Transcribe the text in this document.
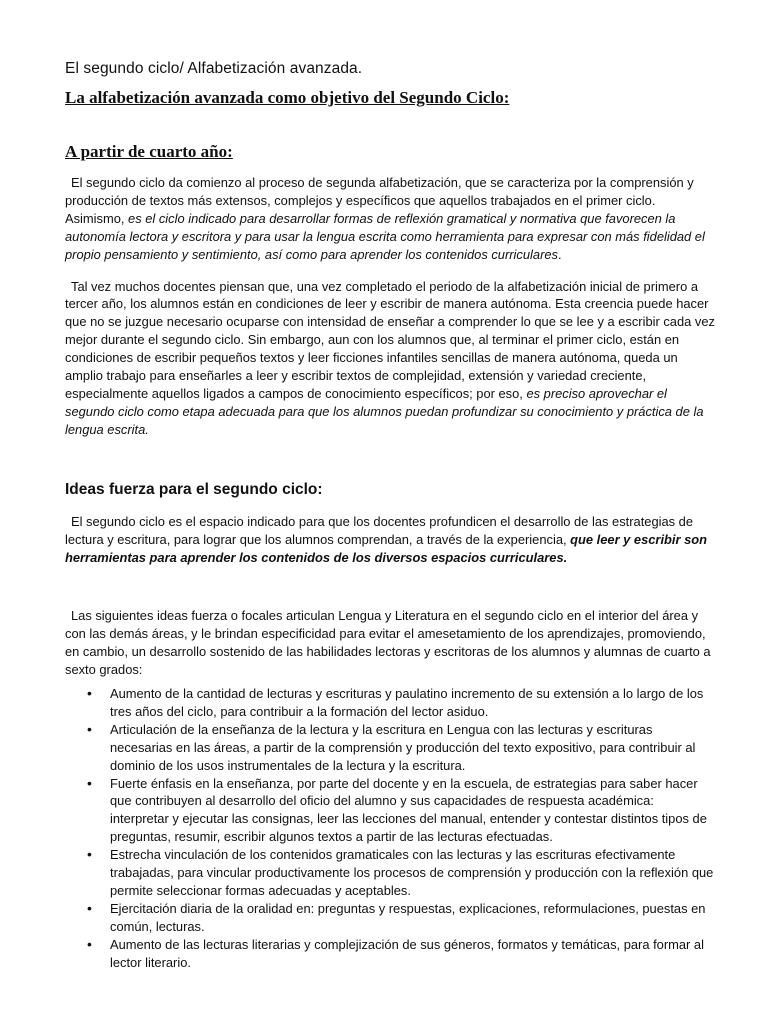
El segundo ciclo/ Alfabetización avanzada.

La alfabetización avanzada como objetivo del Segundo Ciclo:
A partir de cuarto año:

El segundo ciclo da comienzo al proceso de segunda alfabetización, que se caracteriza por la comprensión y producción de textos más extensos, complejos y específicos que aquellos trabajados en el primer ciclo. Asimismo, es el ciclo indicado para desarrollar formas de reflexión gramatical y normativa que favorecen la autonomía lectora y escritora y para usar la lengua escrita como herramienta para expresar con más fidelidad el propio pensamiento y sentimiento, así como para aprender los contenidos curriculares.

Tal vez muchos docentes piensan que, una vez completado el periodo de la alfabetización inicial de primero a tercer año, los alumnos están en condiciones de leer y escribir de manera autónoma. Esta creencia puede hacer que no se juzgue necesario ocuparse con intensidad de enseñar a comprender lo que se lee y a escribir cada vez mejor durante el segundo ciclo. Sin embargo, aun con los alumnos que, al terminar el primer ciclo, están en condiciones de escribir pequeños textos y leer ficciones infantiles sencillas de manera autónoma, queda un amplio trabajo para enseñarles a leer y escribir textos de complejidad, extensión y variedad creciente, especialmente aquellos ligados a campos de conocimiento específicos; por eso, es preciso aprovechar el segundo ciclo como etapa adecuada para que los alumnos puedan profundizar su conocimiento y práctica de la lengua escrita.

Ideas fuerza para el segundo ciclo:

El segundo ciclo es el espacio indicado para que los docentes profundicen el desarrollo de las estrategias de lectura y escritura, para lograr que los alumnos comprendan, a través de la experiencia, que leer y escribir son herramientas para aprender los contenidos de los diversos espacios curriculares.

Las siguientes ideas fuerza o focales articulan Lengua y Literatura en el segundo ciclo en el interior del área y con las demás áreas, y le brindan especificidad para evitar el amesetamiento de los aprendizajes, promoviendo, en cambio, un desarrollo sostenido de las habilidades lectoras y escritoras de los alumnos y alumnas de cuarto a sexto grados:

• Aumento de la cantidad de lecturas y escrituras y paulatino incremento de su extensión a lo largo de los tres años del ciclo, para contribuir a la formación del lector asiduo.
• Articulación de la enseñanza de la lectura y la escritura en Lengua con las lecturas y escrituras necesarias en las áreas, a partir de la comprensión y producción del texto expositivo, para contribuir al dominio de los usos instrumentales de la lectura y la escritura.
• Fuerte énfasis en la enseñanza, por parte del docente y en la escuela, de estrategias para saber hacer que contribuyen al desarrollo del oficio del alumno y sus capacidades de respuesta académica: interpretar y ejecutar las consignas, leer las lecciones del manual, entender y contestar distintos tipos de preguntas, resumir, escribir algunos textos a partir de las lecturas efectuadas.
• Estrecha vinculación de los contenidos gramaticales con las lecturas y las escrituras efectivamente trabajadas, para vincular productivamente los procesos de comprensión y producción con la reflexión que permite seleccionar formas adecuadas y aceptables.
• Ejercitación diaria de la oralidad en: preguntas y respuestas, explicaciones, reformulaciones, puestas en común, lecturas.
• Aumento de las lecturas literarias y complejización de sus géneros, formatos y temáticas, para formar al lector literario.
